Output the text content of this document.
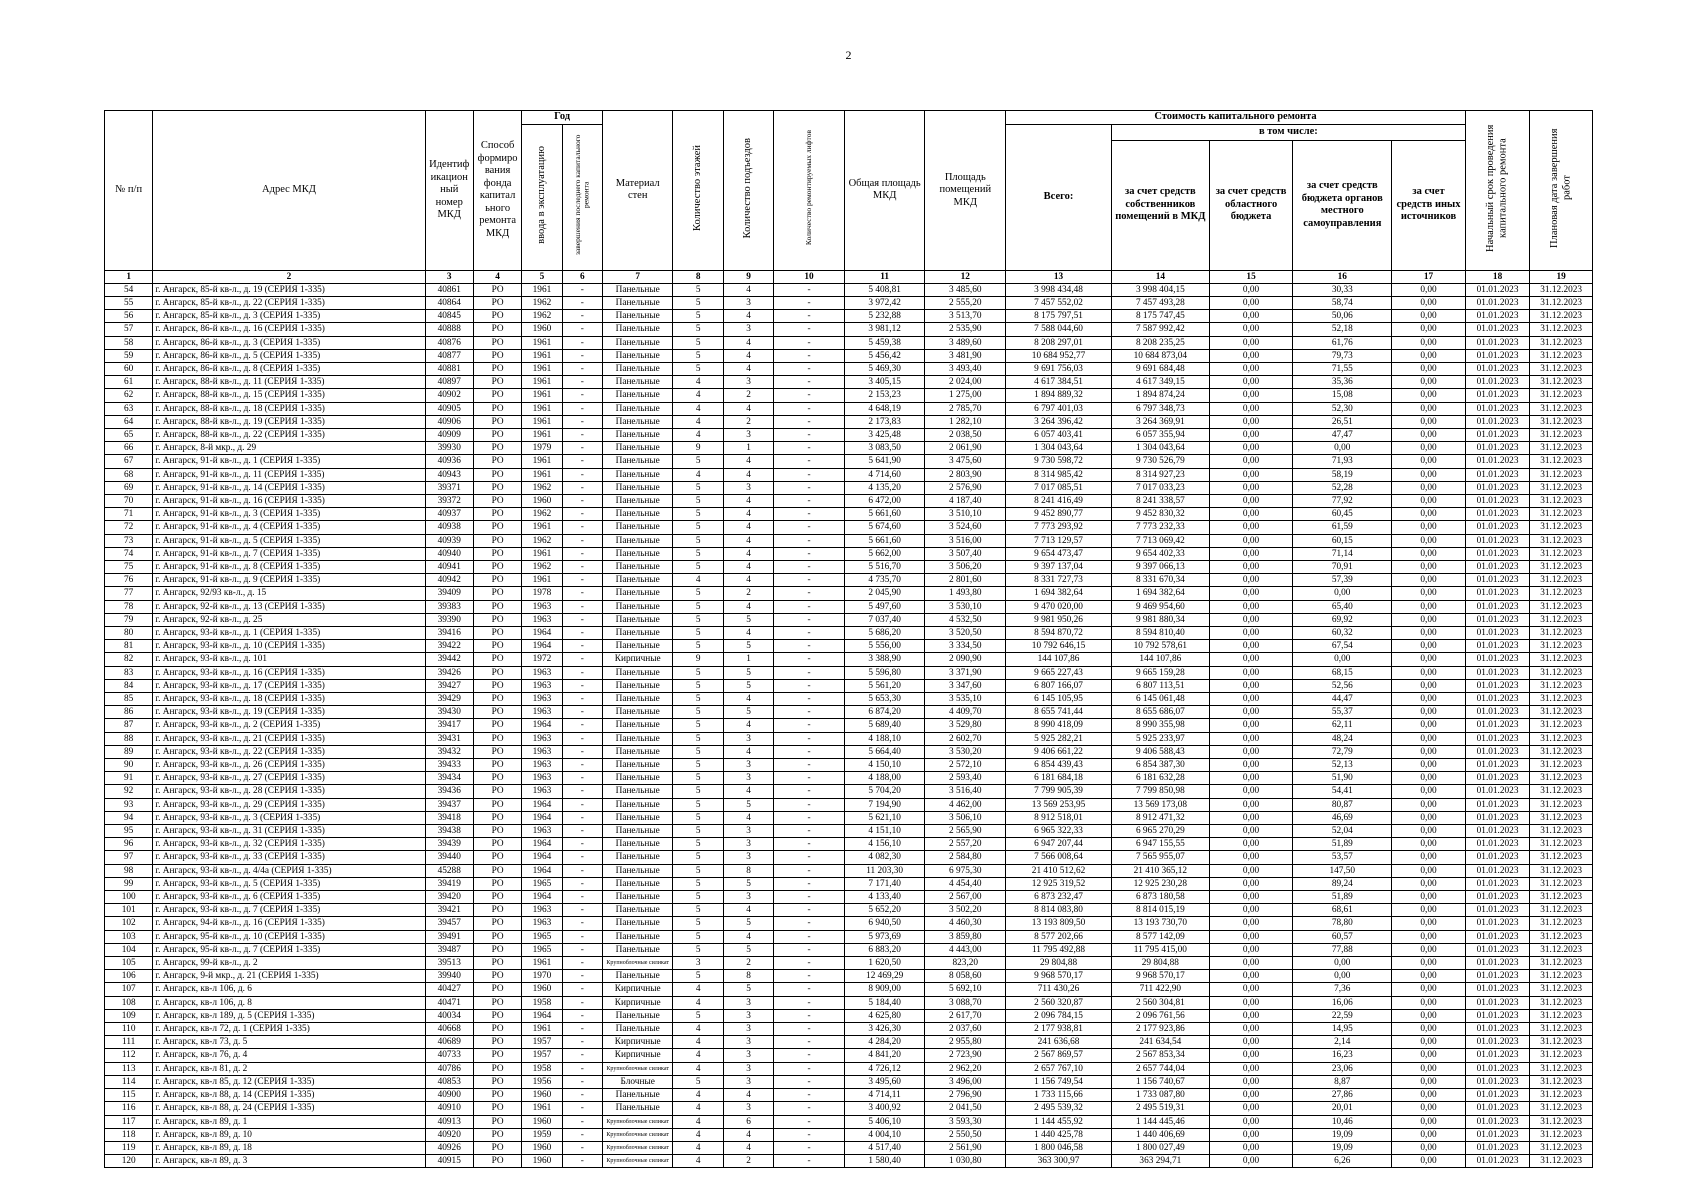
2
№ п/п	Адрес МКД	Идентиф икацион ный номер МКД	Способ формиро вания фонда капитал ьного ремонта МКД	Год		Материал стен	Количество этажей	Количество подъездов	Количество ремонтируемых лифтов	Общая площадь МКД	Площадь помещений МКД	Стоимость капитального ремонта					Начальный срок проведения капитального ремонта	Плановая дата завершения работ
				ввода в эксплуатацию	завершения последнего капитального ремонта							Всего:	в том числе:					
													за счет средств собственников помещений в МКД	за счет средств областного бюджета	за счет средств бюджета органов местного самоуправления	за счет средств иных источников		
1	2	3	4	5	6	7	8	9	10	11	12	13	14	15	16	17	18	19
54	г. Ангарск, 85-й кв-л., д. 19 (СЕРИЯ 1-335)	40861	РО	1961	-	Панельные	5	4	-	5 408,81	3 485,60	3 998 434,48	3 998 404,15	0,00	30,33	0,00	01.01.2023	31.12.2023
55	г. Ангарск, 85-й кв-л., д. 22 (СЕРИЯ 1-335)	40864	РО	1962	-	Панельные	5	3	-	3 972,42	2 555,20	7 457 552,02	7 457 493,28	0,00	58,74	0,00	01.01.2023	31.12.2023
56	г. Ангарск, 85-й кв-л., д. 3 (СЕРИЯ 1-335)	40845	РО	1962	-	Панельные	5	4	-	5 232,88	3 513,70	8 175 797,51	8 175 747,45	0,00	50,06	0,00	01.01.2023	31.12.2023
57	г. Ангарск, 86-й кв-л., д. 16 (СЕРИЯ 1-335)	40888	РО	1960	-	Панельные	5	3	-	3 981,12	2 535,90	7 588 044,60	7 587 992,42	0,00	52,18	0,00	01.01.2023	31.12.2023
58	г. Ангарск, 86-й кв-л., д. 3 (СЕРИЯ 1-335)	40876	РО	1961	-	Панельные	5	4	-	5 459,38	3 489,60	8 208 297,01	8 208 235,25	0,00	61,76	0,00	01.01.2023	31.12.2023
59	г. Ангарск, 86-й кв-л., д. 5 (СЕРИЯ 1-335)	40877	РО	1961	-	Панельные	5	4	-	5 456,42	3 481,90	10 684 952,77	10 684 873,04	0,00	79,73	0,00	01.01.2023	31.12.2023
60	г. Ангарск, 86-й кв-л., д. 8 (СЕРИЯ 1-335)	40881	РО	1961	-	Панельные	5	4	-	5 469,30	3 493,40	9 691 756,03	9 691 684,48	0,00	71,55	0,00	01.01.2023	31.12.2023
61	г. Ангарск, 88-й кв-л., д. 11 (СЕРИЯ 1-335)	40897	РО	1961	-	Панельные	4	3	-	3 405,15	2 024,00	4 617 384,51	4 617 349,15	0,00	35,36	0,00	01.01.2023	31.12.2023
62	г. Ангарск, 88-й кв-л., д. 15 (СЕРИЯ 1-335)	40902	РО	1961	-	Панельные	4	2	-	2 153,23	1 275,00	1 894 889,32	1 894 874,24	0,00	15,08	0,00	01.01.2023	31.12.2023
63	г. Ангарск, 88-й кв-л., д. 18 (СЕРИЯ 1-335)	40905	РО	1961	-	Панельные	4	4	-	4 648,19	2 785,70	6 797 401,03	6 797 348,73	0,00	52,30	0,00	01.01.2023	31.12.2023
64	г. Ангарск, 88-й кв-л., д. 19 (СЕРИЯ 1-335)	40906	РО	1961	-	Панельные	4	2	-	2 173,83	1 282,10	3 264 396,42	3 264 369,91	0,00	26,51	0,00	01.01.2023	31.12.2023
65	г. Ангарск, 88-й кв-л., д. 22 (СЕРИЯ 1-335)	40909	РО	1961	-	Панельные	4	3	-	3 425,48	2 038,50	6 057 403,41	6 057 355,94	0,00	47,47	0,00	01.01.2023	31.12.2023
66	г. Ангарск, 8-й мкр., д. 29	39930	РО	1979	-	Панельные	9	1	-	3 083,50	2 061,90	1 304 043,64	1 304 043,64	0,00	0,00	0,00	01.01.2023	31.12.2023
67	г. Ангарск, 91-й кв-л., д. 1 (СЕРИЯ 1-335)	40936	РО	1961	-	Панельные	5	4	-	5 641,90	3 475,60	9 730 598,72	9 730 526,79	0,00	71,93	0,00	01.01.2023	31.12.2023
68	г. Ангарск, 91-й кв-л., д. 11 (СЕРИЯ 1-335)	40943	РО	1961	-	Панельные	4	4	-	4 714,60	2 803,90	8 314 985,42	8 314 927,23	0,00	58,19	0,00	01.01.2023	31.12.2023
69	г. Ангарск, 91-й кв-л., д. 14 (СЕРИЯ 1-335)	39371	РО	1962	-	Панельные	5	3	-	4 135,20	2 576,90	7 017 085,51	7 017 033,23	0,00	52,28	0,00	01.01.2023	31.12.2023
70	г. Ангарск, 91-й кв-л., д. 16 (СЕРИЯ 1-335)	39372	РО	1960	-	Панельные	5	4	-	6 472,00	4 187,40	8 241 416,49	8 241 338,57	0,00	77,92	0,00	01.01.2023	31.12.2023
71	г. Ангарск, 91-й кв-л., д. 3 (СЕРИЯ 1-335)	40937	РО	1962	-	Панельные	5	4	-	5 661,60	3 510,10	9 452 890,77	9 452 830,32	0,00	60,45	0,00	01.01.2023	31.12.2023
72	г. Ангарск, 91-й кв-л., д. 4 (СЕРИЯ 1-335)	40938	РО	1961	-	Панельные	5	4	-	5 674,60	3 524,60	7 773 293,92	7 773 232,33	0,00	61,59	0,00	01.01.2023	31.12.2023
73	г. Ангарск, 91-й кв-л., д. 5 (СЕРИЯ 1-335)	40939	РО	1962	-	Панельные	5	4	-	5 661,60	3 516,00	7 713 129,57	7 713 069,42	0,00	60,15	0,00	01.01.2023	31.12.2023
74	г. Ангарск, 91-й кв-л., д. 7 (СЕРИЯ 1-335)	40940	РО	1961	-	Панельные	5	4	-	5 662,00	3 507,40	9 654 473,47	9 654 402,33	0,00	71,14	0,00	01.01.2023	31.12.2023
75	г. Ангарск, 91-й кв-л., д. 8 (СЕРИЯ 1-335)	40941	РО	1962	-	Панельные	5	4	-	5 516,70	3 506,20	9 397 137,04	9 397 066,13	0,00	70,91	0,00	01.01.2023	31.12.2023
76	г. Ангарск, 91-й кв-л., д. 9 (СЕРИЯ 1-335)	40942	РО	1961	-	Панельные	4	4	-	4 735,70	2 801,60	8 331 727,73	8 331 670,34	0,00	57,39	0,00	01.01.2023	31.12.2023
77	г. Ангарск, 92/93 кв-л., д. 15	39409	РО	1978	-	Панельные	5	2	-	2 045,90	1 493,80	1 694 382,64	1 694 382,64	0,00	0,00	0,00	01.01.2023	31.12.2023
78	г. Ангарск, 92-й кв-л., д. 13 (СЕРИЯ 1-335)	39383	РО	1963	-	Панельные	5	4	-	5 497,60	3 530,10	9 470 020,00	9 469 954,60	0,00	65,40	0,00	01.01.2023	31.12.2023
79	г. Ангарск, 92-й кв-л., д. 25	39390	РО	1963	-	Панельные	5	5	-	7 037,40	4 532,50	9 981 950,26	9 981 880,34	0,00	69,92	0,00	01.01.2023	31.12.2023
80	г. Ангарск, 93-й кв-л., д. 1 (СЕРИЯ 1-335)	39416	РО	1964	-	Панельные	5	4	-	5 686,20	3 520,50	8 594 870,72	8 594 810,40	0,00	60,32	0,00	01.01.2023	31.12.2023
81	г. Ангарск, 93-й кв-л., д. 10 (СЕРИЯ 1-335)	39422	РО	1964	-	Панельные	5	5	-	5 556,00	3 334,50	10 792 646,15	10 792 578,61	0,00	67,54	0,00	01.01.2023	31.12.2023
82	г. Ангарск, 93-й кв-л., д. 101	39442	РО	1972	-	Кирпичные	9	1	-	3 388,90	2 090,90	144 107,86	144 107,86	0,00	0,00	0,00	01.01.2023	31.12.2023
83	г. Ангарск, 93-й кв-л., д. 16 (СЕРИЯ 1-335)	39426	РО	1963	-	Панельные	5	5	-	5 596,80	3 371,90	9 665 227,43	9 665 159,28	0,00	68,15	0,00	01.01.2023	31.12.2023
84	г. Ангарск, 93-й кв-л., д. 17 (СЕРИЯ 1-335)	39427	РО	1963	-	Панельные	5	5	-	5 561,20	3 347,60	6 807 166,07	6 807 113,51	0,00	52,56	0,00	01.01.2023	31.12.2023
85	г. Ангарск, 93-й кв-л., д. 18 (СЕРИЯ 1-335)	39429	РО	1963	-	Панельные	5	4	-	5 653,30	3 535,10	6 145 105,95	6 145 061,48	0,00	44,47	0,00	01.01.2023	31.12.2023
86	г. Ангарск, 93-й кв-л., д. 19 (СЕРИЯ 1-335)	39430	РО	1963	-	Панельные	5	5	-	6 874,20	4 409,70	8 655 741,44	8 655 686,07	0,00	55,37	0,00	01.01.2023	31.12.2023
87	г. Ангарск, 93-й кв-л., д. 2 (СЕРИЯ 1-335)	39417	РО	1964	-	Панельные	5	4	-	5 689,40	3 529,80	8 990 418,09	8 990 355,98	0,00	62,11	0,00	01.01.2023	31.12.2023
88	г. Ангарск, 93-й кв-л., д. 21 (СЕРИЯ 1-335)	39431	РО	1963	-	Панельные	5	3	-	4 188,10	2 602,70	5 925 282,21	5 925 233,97	0,00	48,24	0,00	01.01.2023	31.12.2023
89	г. Ангарск, 93-й кв-л., д. 22 (СЕРИЯ 1-335)	39432	РО	1963	-	Панельные	5	4	-	5 664,40	3 530,20	9 406 661,22	9 406 588,43	0,00	72,79	0,00	01.01.2023	31.12.2023
90	г. Ангарск, 93-й кв-л., д. 26 (СЕРИЯ 1-335)	39433	РО	1963	-	Панельные	5	3	-	4 150,10	2 572,10	6 854 439,43	6 854 387,30	0,00	52,13	0,00	01.01.2023	31.12.2023
91	г. Ангарск, 93-й кв-л., д. 27 (СЕРИЯ 1-335)	39434	РО	1963	-	Панельные	5	3	-	4 188,00	2 593,40	6 181 684,18	6 181 632,28	0,00	51,90	0,00	01.01.2023	31.12.2023
92	г. Ангарск, 93-й кв-л., д. 28 (СЕРИЯ 1-335)	39436	РО	1963	-	Панельные	5	4	-	5 704,20	3 516,40	7 799 905,39	7 799 850,98	0,00	54,41	0,00	01.01.2023	31.12.2023
93	г. Ангарск, 93-й кв-л., д. 29 (СЕРИЯ 1-335)	39437	РО	1964	-	Панельные	5	5	-	7 194,90	4 462,00	13 569 253,95	13 569 173,08	0,00	80,87	0,00	01.01.2023	31.12.2023
94	г. Ангарск, 93-й кв-л., д. 3 (СЕРИЯ 1-335)	39418	РО	1964	-	Панельные	5	4	-	5 621,10	3 506,10	8 912 518,01	8 912 471,32	0,00	46,69	0,00	01.01.2023	31.12.2023
95	г. Ангарск, 93-й кв-л., д. 31 (СЕРИЯ 1-335)	39438	РО	1963	-	Панельные	5	3	-	4 151,10	2 565,90	6 965 322,33	6 965 270,29	0,00	52,04	0,00	01.01.2023	31.12.2023
96	г. Ангарск, 93-й кв-л., д. 32 (СЕРИЯ 1-335)	39439	РО	1964	-	Панельные	5	3	-	4 156,10	2 557,20	6 947 207,44	6 947 155,55	0,00	51,89	0,00	01.01.2023	31.12.2023
97	г. Ангарск, 93-й кв-л., д. 33 (СЕРИЯ 1-335)	39440	РО	1964	-	Панельные	5	3	-	4 082,30	2 584,80	7 566 008,64	7 565 955,07	0,00	53,57	0,00	01.01.2023	31.12.2023
98	г. Ангарск, 93-й кв-л., д. 4/4а (СЕРИЯ 1-335)	45288	РО	1964	-	Панельные	5	8	-	11 203,30	6 975,30	21 410 512,62	21 410 365,12	0,00	147,50	0,00	01.01.2023	31.12.2023
99	г. Ангарск, 93-й кв-л., д. 5 (СЕРИЯ 1-335)	39419	РО	1965	-	Панельные	5	5	-	7 171,40	4 454,40	12 925 319,52	12 925 230,28	0,00	89,24	0,00	01.01.2023	31.12.2023
100	г. Ангарск, 93-й кв-л., д. 6 (СЕРИЯ 1-335)	39420	РО	1964	-	Панельные	5	3	-	4 133,40	2 567,00	6 873 232,47	6 873 180,58	0,00	51,89	0,00	01.01.2023	31.12.2023
101	г. Ангарск, 93-й кв-л., д. 7 (СЕРИЯ 1-335)	39421	РО	1963	-	Панельные	5	4	-	5 652,20	3 502,20	8 814 083,80	8 814 015,19	0,00	68,61	0,00	01.01.2023	31.12.2023
102	г. Ангарск, 94-й кв-л., д. 16 (СЕРИЯ 1-335)	39457	РО	1963	-	Панельные	5	5	-	6 940,50	4 460,30	13 193 809,50	13 193 730,70	0,00	78,80	0,00	01.01.2023	31.12.2023
103	г. Ангарск, 95-й кв-л., д. 10 (СЕРИЯ 1-335)	39491	РО	1965	-	Панельные	5	4	-	5 973,69	3 859,80	8 577 202,66	8 577 142,09	0,00	60,57	0,00	01.01.2023	31.12.2023
104	г. Ангарск, 95-й кв-л., д. 7 (СЕРИЯ 1-335)	39487	РО	1965	-	Панельные	5	5	-	6 883,20	4 443,00	11 795 492,88	11 795 415,00	0,00	77,88	0,00	01.01.2023	31.12.2023
105	г. Ангарск, 99-й кв-л., д. 2	39513	РО	1961	-	Крупноблочные силикат	3	2	-	1 620,50	823,20	29 804,88	29 804,88	0,00	0,00	0,00	01.01.2023	31.12.2023
106	г. Ангарск, 9-й мкр., д. 21 (СЕРИЯ 1-335)	39940	РО	1970	-	Панельные	5	8	-	12 469,29	8 058,60	9 968 570,17	9 968 570,17	0,00	0,00	0,00	01.01.2023	31.12.2023
107	г. Ангарск, кв-л 106, д. 6	40427	РО	1960	-	Кирпичные	4	5	-	8 909,00	5 692,10	711 430,26	711 422,90	0,00	7,36	0,00	01.01.2023	31.12.2023
108	г. Ангарск, кв-л 106, д. 8	40471	РО	1958	-	Кирпичные	4	3	-	5 184,40	3 088,70	2 560 320,87	2 560 304,81	0,00	16,06	0,00	01.01.2023	31.12.2023
109	г. Ангарск, кв-л 189, д. 5 (СЕРИЯ 1-335)	40034	РО	1964	-	Панельные	5	3	-	4 625,80	2 617,70	2 096 784,15	2 096 761,56	0,00	22,59	0,00	01.01.2023	31.12.2023
110	г. Ангарск, кв-л 72, д. 1 (СЕРИЯ 1-335)	40668	РО	1961	-	Панельные	4	3	-	3 426,30	2 037,60	2 177 938,81	2 177 923,86	0,00	14,95	0,00	01.01.2023	31.12.2023
111	г. Ангарск, кв-л 73, д. 5	40689	РО	1957	-	Кирпичные	4	3	-	4 284,20	2 955,80	241 636,68	241 634,54	0,00	2,14	0,00	01.01.2023	31.12.2023
112	г. Ангарск, кв-л 76, д. 4	40733	РО	1957	-	Кирпичные	4	3	-	4 841,20	2 723,90	2 567 869,57	2 567 853,34	0,00	16,23	0,00	01.01.2023	31.12.2023
113	г. Ангарск, кв-л 81, д. 2	40786	РО	1958	-	Крупноблочные силикат	4	3	-	4 726,12	2 962,20	2 657 767,10	2 657 744,04	0,00	23,06	0,00	01.01.2023	31.12.2023
114	г. Ангарск, кв-л 85, д. 12 (СЕРИЯ 1-335)	40853	РО	1956	-	Блочные	5	3	-	3 495,60	3 496,00	1 156 749,54	1 156 740,67	0,00	8,87	0,00	01.01.2023	31.12.2023
115	г. Ангарск, кв-л 88, д. 14 (СЕРИЯ 1-335)	40900	РО	1960	-	Панельные	4	4	-	4 714,11	2 796,90	1 733 115,66	1 733 087,80	0,00	27,86	0,00	01.01.2023	31.12.2023
116	г. Ангарск, кв-л 88, д. 24 (СЕРИЯ 1-335)	40910	РО	1961	-	Панельные	4	3	-	3 400,92	2 041,50	2 495 539,32	2 495 519,31	0,00	20,01	0,00	01.01.2023	31.12.2023
117	г. Ангарск, кв-л 89, д. 1	40913	РО	1960	-	Крупноблочные силикат	4	6	-	5 406,10	3 593,30	1 144 455,92	1 144 445,46	0,00	10,46	0,00	01.01.2023	31.12.2023
118	г. Ангарск, кв-л 89, д. 10	40920	РО	1959	-	Крупноблочные силикат	4	4	-	4 004,10	2 550,50	1 440 425,78	1 440 406,69	0,00	19,09	0,00	01.01.2023	31.12.2023
119	г. Ангарск, кв-л 89, д. 18	40926	РО	1960	-	Крупноблочные силикат	4	4	-	4 517,40	2 561,90	1 800 046,58	1 800 027,49	0,00	19,09	0,00	01.01.2023	31.12.2023
120	г. Ангарск, кв-л 89, д. 3	40915	РО	1960	-	Крупноблочные силикат	4	2	-	1 580,40	1 030,80	363 300,97	363 294,71	0,00	6,26	0,00	01.01.2023	31.12.2023
